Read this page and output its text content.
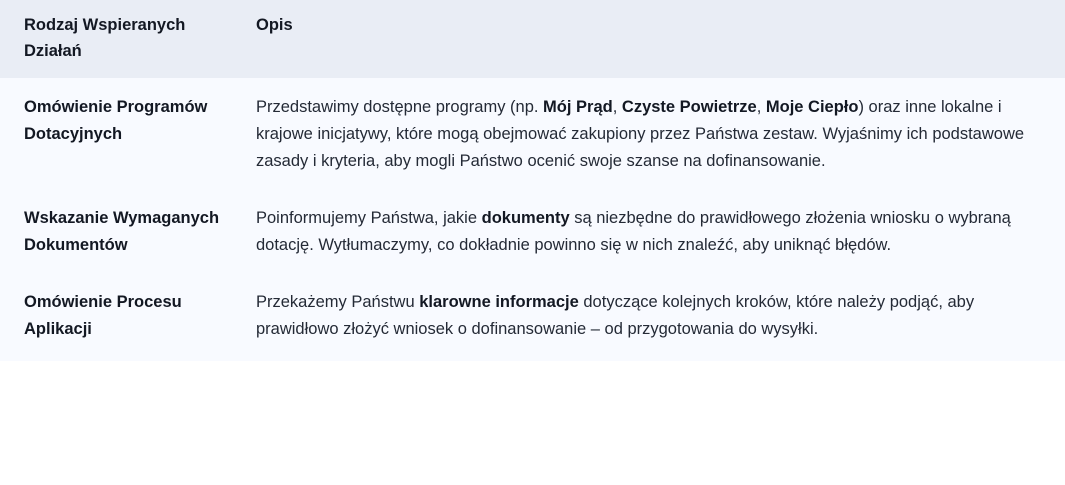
Rodzaj Wspieranych Działań	Opis
Omówienie Programów Dotacyjnych	Przedstawimy dostępne programy (np. Mój Prąd, Czyste Powietrze, Moje Ciepło) oraz inne lokalne i krajowe inicjatywy, które mogą obejmować zakupiony przez Państwa zestaw. Wyjaśnimy ich podstawowe zasady i kryteria, aby mogli Państwo ocenić swoje szanse na dofinansowanie.
Wskazanie Wymaganych Dokumentów	Poinformujemy Państwa, jakie dokumenty są niezbędne do prawidłowego złożenia wniosku o wybraną dotację. Wytłumaczymy, co dokładnie powinno się w nich znaleźć, aby uniknąć błędów.
Omówienie Procesu Aplikacji	Przekażemy Państwu klarowne informacje dotyczące kolejnych kroków, które należy podjąć, aby prawidłowo złożyć wniosek o dofinansowanie – od przygotowania do wysyłki.
